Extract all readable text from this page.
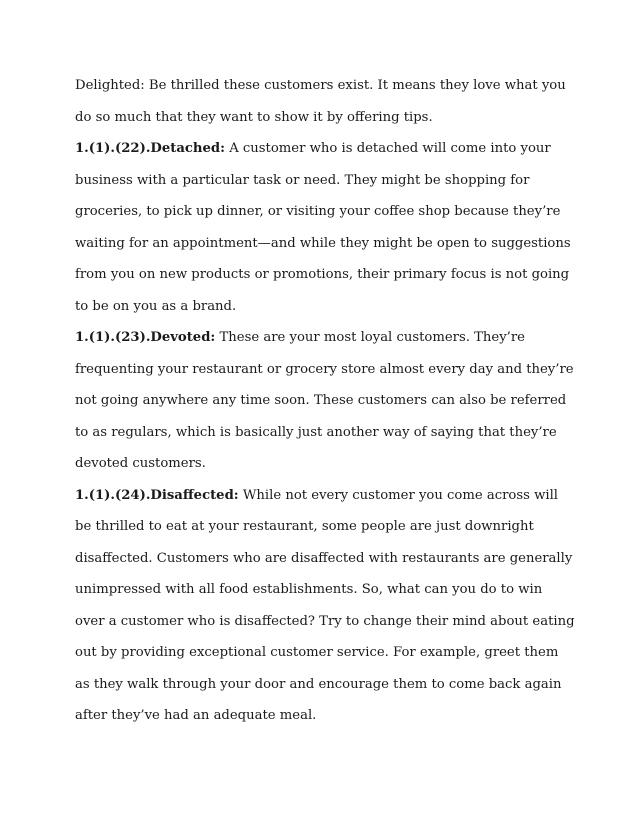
Delighted: Be thrilled these customers exist. It means they love what you do so much that they want to show it by offering tips.

1.(1).(22).Detached: A customer who is detached will come into your business with a particular task or need. They might be shopping for groceries, to pick up dinner, or visiting your coffee shop because they’re waiting for an appointment—and while they might be open to suggestions from you on new products or promotions, their primary focus is not going to be on you as a brand.

1.(1).(23).Devoted: These are your most loyal customers. They’re frequenting your restaurant or grocery store almost every day and they’re not going anywhere any time soon. These customers can also be referred to as regulars, which is basically just another way of saying that they’re devoted customers.

1.(1).(24).Disaffected: While not every customer you come across will be thrilled to eat at your restaurant, some people are just downright disaffected. Customers who are disaffected with restaurants are generally unimpressed with all food establishments. So, what can you do to win over a customer who is disaffected? Try to change their mind about eating out by providing exceptional customer service. For example, greet them as they walk through your door and encourage them to come back again after they’ve had an adequate meal.
